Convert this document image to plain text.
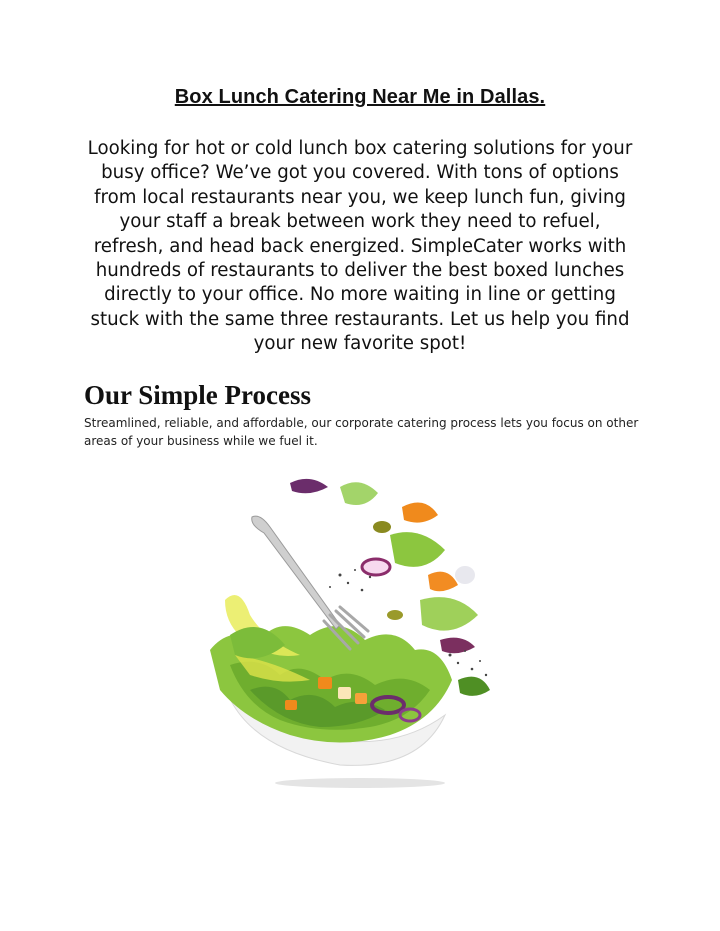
Box Lunch Catering Near Me in Dallas.
Looking for hot or cold lunch box catering solutions for your busy office? We’ve got you covered. With tons of options from local restaurants near you, we keep lunch fun, giving your staff a break between work they need to refuel, refresh, and head back energized. SimpleCater works with hundreds of restaurants to deliver the best boxed lunches directly to your office. No more waiting in line or getting stuck with the same three restaurants. Let us help you find your new favorite spot!
Our Simple Process
Streamlined, reliable, and affordable, our corporate catering process lets you focus on other areas of your business while we fuel it.
